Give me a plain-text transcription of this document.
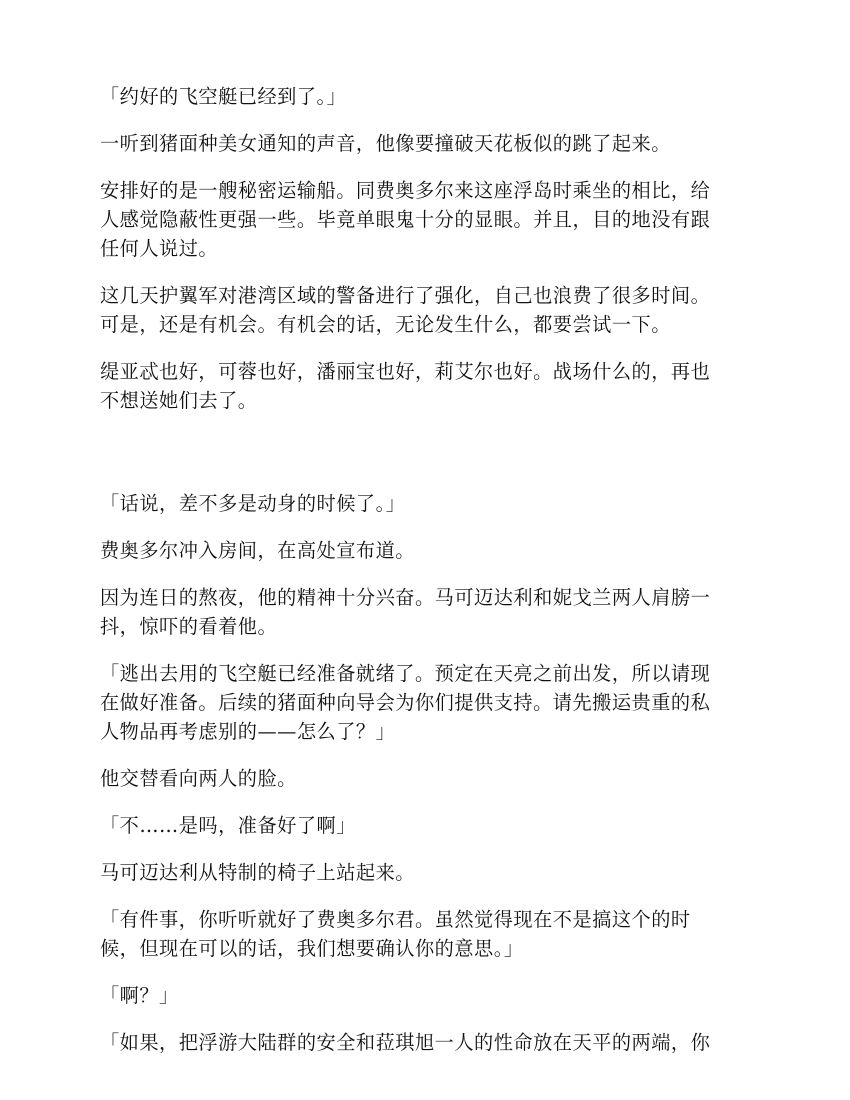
「约好的飞空艇已经到了。」

一听到猪面种美女通知的声音，他像要撞破天花板似的跳了起来。

安排好的是一艘秘密运输船。同费奥多尔来这座浮岛时乘坐的相比，给
人感觉隐蔽性更强一些。毕竟单眼鬼十分的显眼。并且，目的地没有跟
任何人说过。

这几天护翼军对港湾区域的警备进行了强化，自己也浪费了很多时间。
可是，还是有机会。有机会的话，无论发生什么，都要尝试一下。

缇亚忒也好，可蓉也好，潘丽宝也好，莉艾尔也好。战场什么的，再也
不想送她们去了。

「话说，差不多是动身的时候了。」

费奥多尔冲入房间，在高处宣布道。

因为连日的熬夜，他的精神十分兴奋。马可迈达利和妮戈兰两人肩膀一
抖，惊吓的看着他。

「逃出去用的飞空艇已经准备就绪了。预定在天亮之前出发，所以请现
在做好准备。后续的猪面种向导会为你们提供支持。请先搬运贵重的私
人物品再考虑别的——怎么了？」

他交替看向两人的脸。

「不……是吗，准备好了啊」

马可迈达利从特制的椅子上站起来。

「有件事，你听听就好了费奥多尔君。虽然觉得现在不是搞这个的时
候，但现在可以的话，我们想要确认你的意思。」

「啊？」

「如果，把浮游大陆群的安全和菈琪旭一人的性命放在天平的两端，你
